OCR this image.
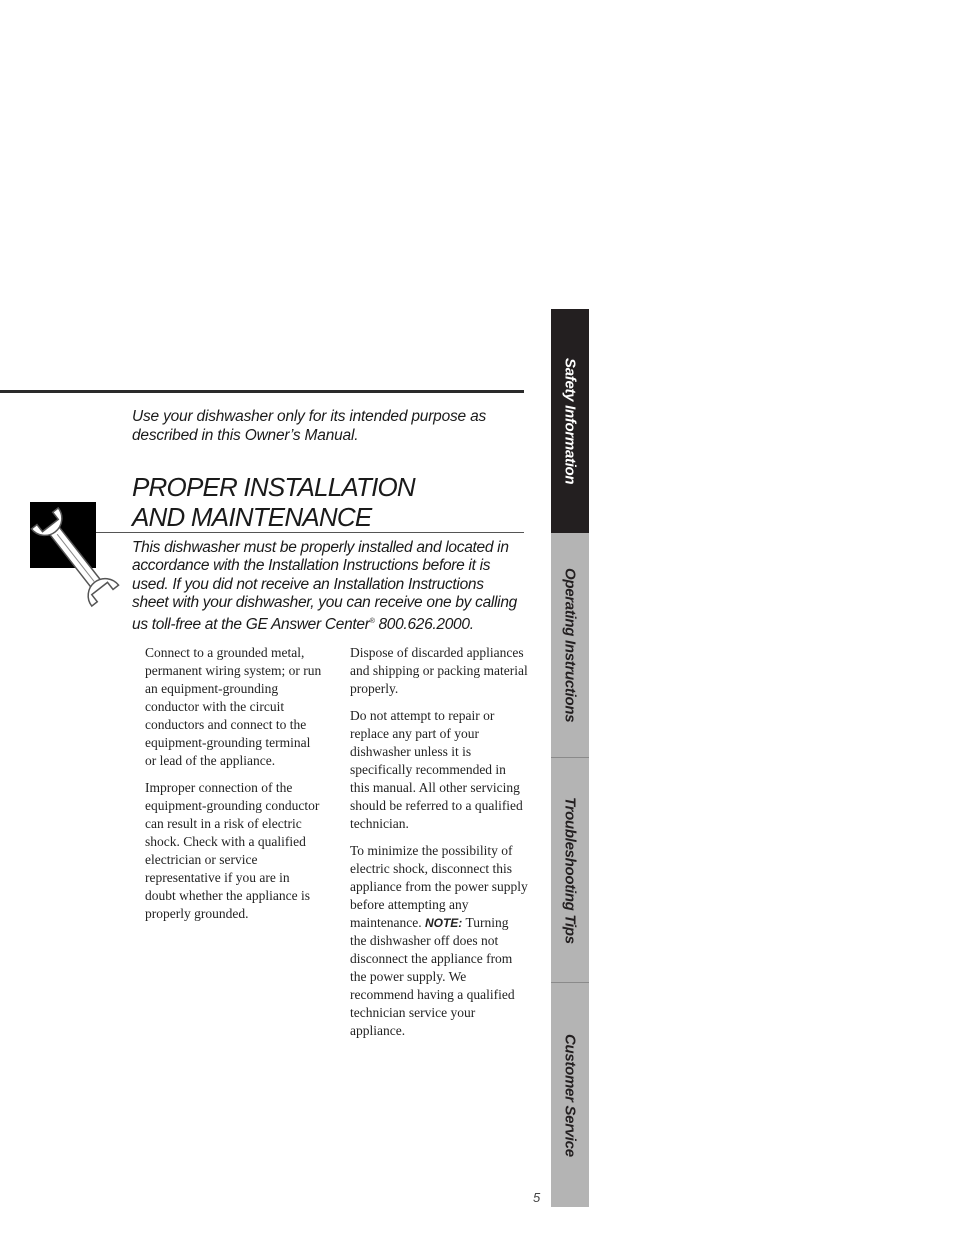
Use your dishwasher only for its intended purpose as described in this Owner’s Manual.
PROPER INSTALLATION
AND MAINTENANCE
This dishwasher must be properly installed and located in accordance with the Installation Instructions before it is used. If you did not receive an Installation Instructions sheet with your dishwasher, you can receive one by calling us toll-free at the GE Answer Center® 800.626.2000.

Connect to a grounded metal, permanent wiring system; or run an equipment-grounding conductor with the circuit conductors and connect to the equipment-grounding terminal or lead of the appliance.

Improper connection of the equipment-grounding conductor can result in a risk of electric shock. Check with a qualified electrician or service representative if you are in doubt whether the appliance is properly grounded.

Dispose of discarded appliances and shipping or packing material properly.

Do not attempt to repair or replace any part of your dishwasher unless it is specifically recommended in this manual. All other servicing should be referred to a qualified technician.

To minimize the possibility of electric shock, disconnect this appliance from the power supply before attempting any maintenance. NOTE: Turning the dishwasher off does not disconnect the appliance from the power supply. We recommend having a qualified technician service your appliance.

Safety Information
Operating Instructions
Troubleshooting Tips
Customer Service
5
